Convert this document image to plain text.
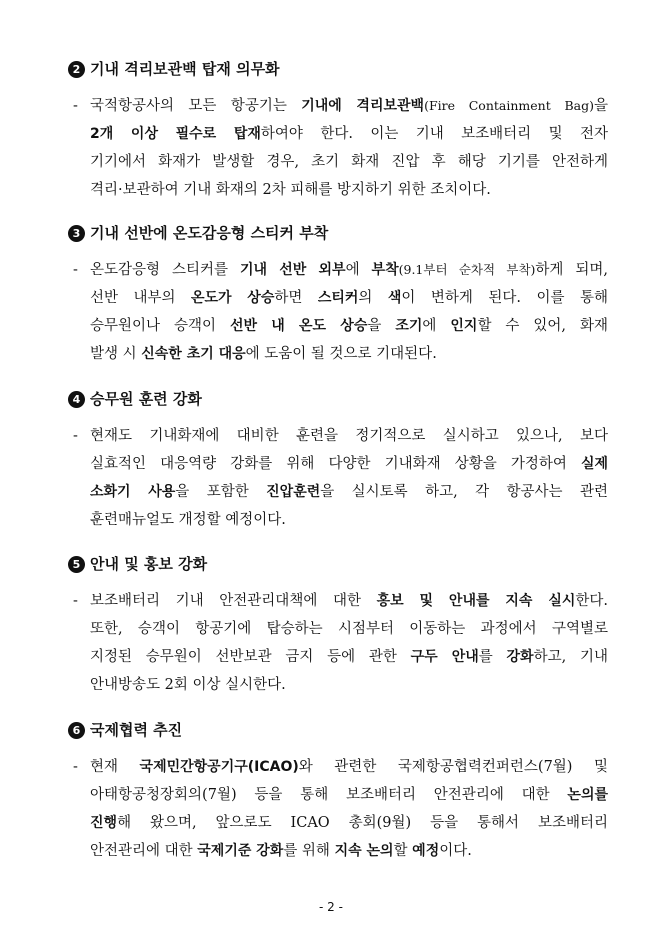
2 기내 격리보관백 탑재 의무화
- 국적항공사의 모든 항공기는 기내에 격리보관백(Fire Containment Bag)을
2개 이상 필수로 탑재하여야 한다. 이는 기내 보조배터리 및 전자
기기에서 화재가 발생할 경우, 초기 화재 진압 후 해당 기기를 안전하게
격리·보관하여 기내 화재의 2차 피해를 방지하기 위한 조치이다.
3 기내 선반에 온도감응형 스티커 부착
- 온도감응형 스티커를 기내 선반 외부에 부착(9.1부터 순차적 부착)하게 되며,
선반 내부의 온도가 상승하면 스티커의 색이 변하게 된다. 이를 통해
승무원이나 승객이 선반 내 온도 상승을 조기에 인지할 수 있어, 화재
발생 시 신속한 초기 대응에 도움이 될 것으로 기대된다.
4 승무원 훈련 강화
- 현재도 기내화재에 대비한 훈련을 정기적으로 실시하고 있으나, 보다
실효적인 대응역량 강화를 위해 다양한 기내화재 상황을 가정하여 실제
소화기 사용을 포함한 진압훈련을 실시토록 하고, 각 항공사는 관련
훈련매뉴얼도 개정할 예정이다.
5 안내 및 홍보 강화
- 보조배터리 기내 안전관리대책에 대한 홍보 및 안내를 지속 실시한다.
또한, 승객이 항공기에 탑승하는 시점부터 이동하는 과정에서 구역별로
지정된 승무원이 선반보관 금지 등에 관한 구두 안내를 강화하고, 기내
안내방송도 2회 이상 실시한다.
6 국제협력 추진
- 현재 국제민간항공기구(ICAO)와 관련한 국제항공협력컨퍼런스(7월) 및
아태항공청장회의(7월) 등을 통해 보조배터리 안전관리에 대한 논의를
진행해 왔으며, 앞으로도 ICAO 총회(9월) 등을 통해서 보조배터리
안전관리에 대한 국제기준 강화를 위해 지속 논의할 예정이다.
- 2 -
